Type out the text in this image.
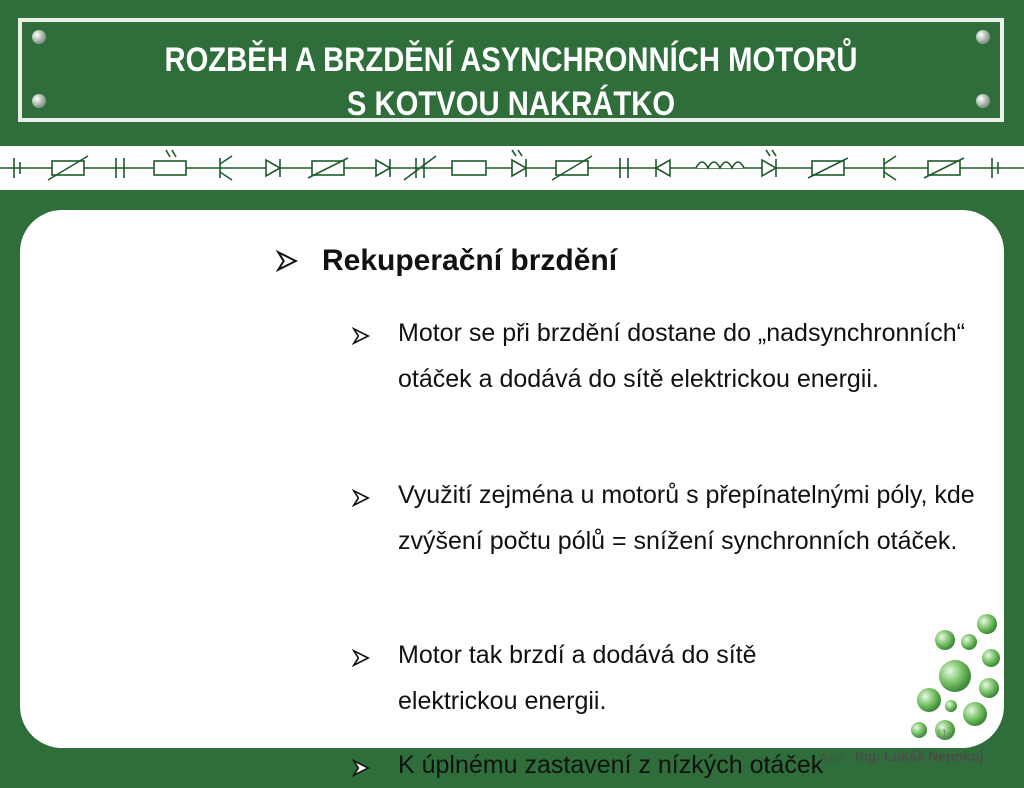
ROZBĚH A BRZDĚNÍ ASYNCHRONNÍCH MOTORŮ
S KOTVOU NAKRÁTKO
Rekuperační brzdění
Motor se při brzdění dostane do „nadsynchronních“ otáček a dodává do sítě elektrickou energii.
Využití zejména u motorů s přepínatelnými póly, kde zvýšení počtu pólů = snížení synchronních otáček.
Motor tak brzdí a dodává do sítě elektrickou energii.
K úplnému zastavení z nízkých otáček
11
Autor: Ing. Lukáš Nepokoj
